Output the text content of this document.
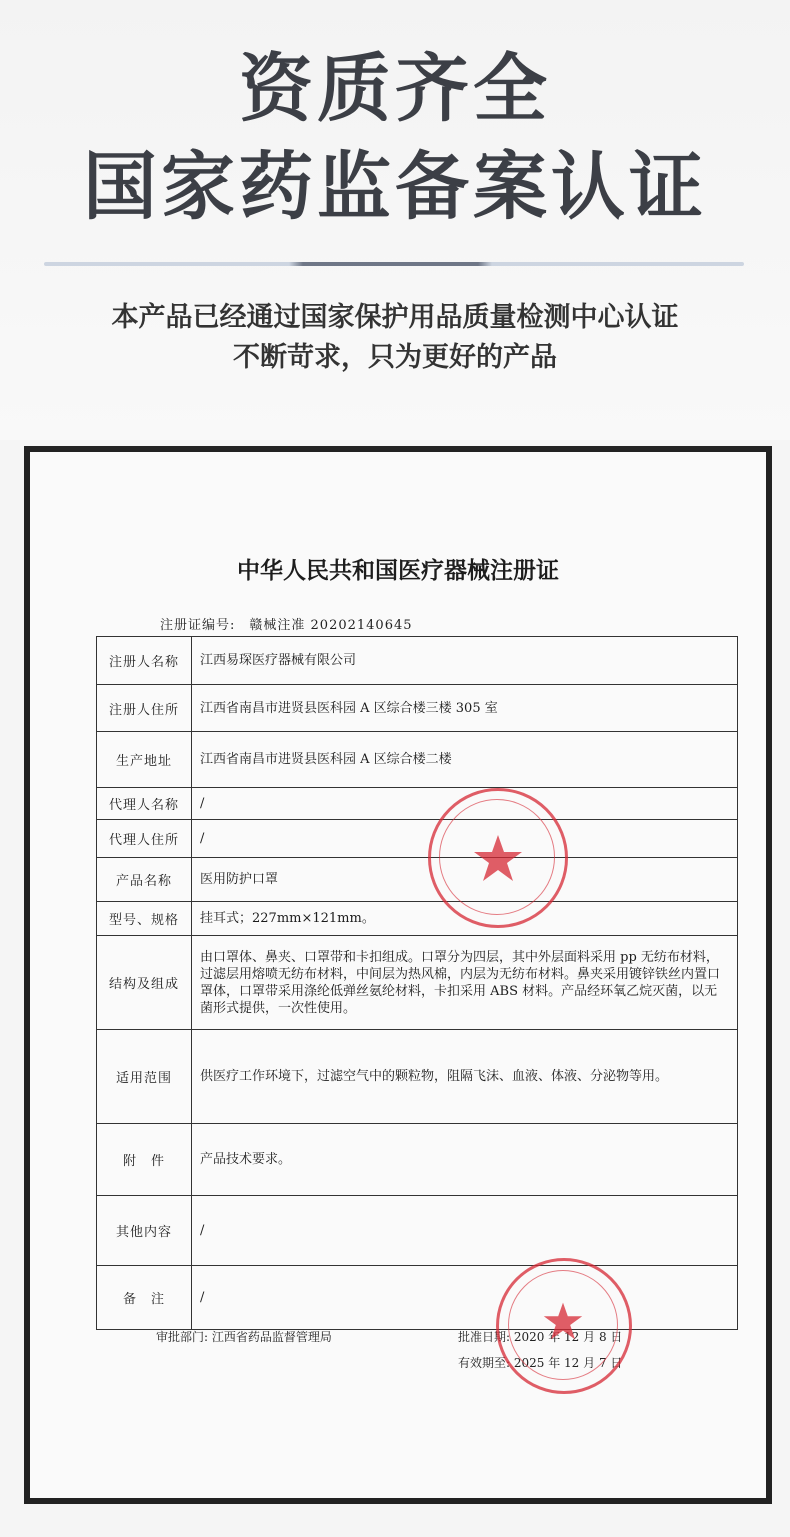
资质齐全
国家药监备案认证
本产品已经通过国家保护用品质量检测中心认证
不断苛求，只为更好的产品
中华人民共和国医疗器械注册证
注册证编号: 赣械注准 20202140645
注册人名称	江西易琛医疗器械有限公司
注册人住所	江西省南昌市进贤县医科园 A 区综合楼三楼 305 室
生产地址	江西省南昌市进贤县医科园 A 区综合楼二楼
代理人名称	/
代理人住所	/
产品名称	医用防护口罩
型号、规格	挂耳式；227mm×121mm。
结构及组成	由口罩体、鼻夹、口罩带和卡扣组成。口罩分为四层，其中外层面料采用 pp 无纺布材料，过滤层用熔喷无纺布材料，中间层为热风棉，内层为无纺布材料。鼻夹采用镀锌铁丝内置口罩体，口罩带采用涤纶低弹丝氨纶材料，卡扣采用 ABS 材料。产品经环氧乙烷灭菌，以无菌形式提供，一次性使用。
适用范围	供医疗工作环境下，过滤空气中的颗粒物，阻隔飞沫、血液、体液、分泌物等用。
附　件	产品技术要求。
其他内容	/
备　注	/
审批部门: 江西省药品监督管理局	批准日期: 2020 年 12 月 8 日
有效期至: 2025 年 12 月 7 日
